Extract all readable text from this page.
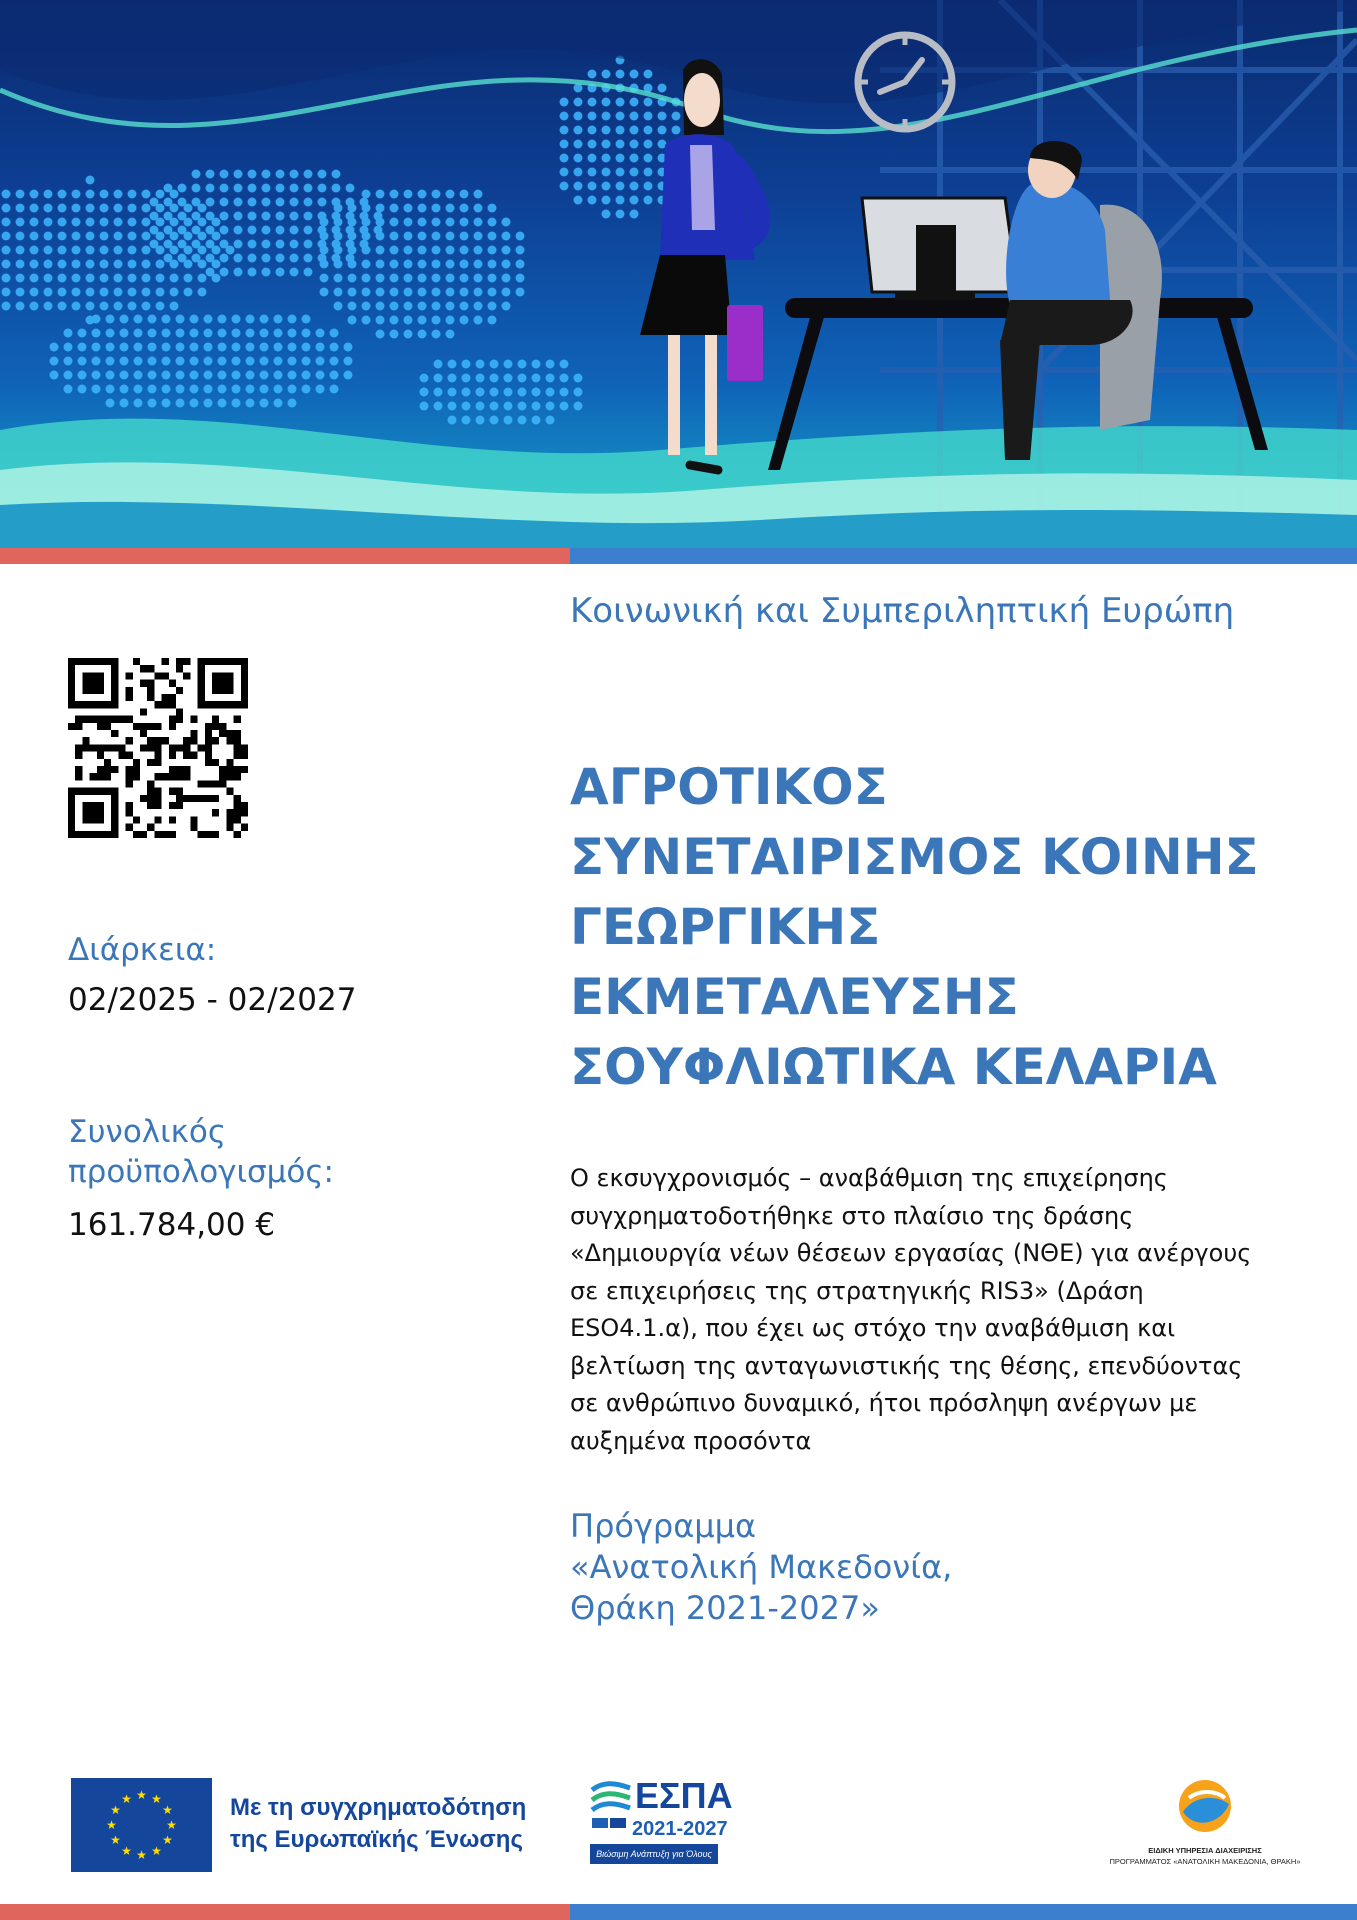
Διάρκεια:
02/2025 - 02/2027
Συνολικός προϋπολογισμός:
161.784,00 €
Κοινωνική και Συμπεριληπτική Ευρώπη
ΑΓΡΟΤΙΚΟΣ ΣΥΝΕΤΑΙΡΙΣΜΟΣ ΚΟΙΝΗΣ ΓΕΩΡΓΙΚΗΣ ΕΚΜΕΤΑΛΕΥΣΗΣ ΣΟΥΦΛΙΩΤΙΚΑ ΚΕΛΑΡΙΑ
Ο εκσυγχρονισμός – αναβάθμιση της επιχείρησης συγχρηματοδοτήθηκε στο πλαίσιο της δράσης «Δημιουργία νέων θέσεων εργασίας (ΝΘΕ) για ανέργους σε επιχειρήσεις της στρατηγικής RIS3» (Δράση ESO4.1.α), που έχει ως στόχο την αναβάθμιση και βελτίωση της ανταγωνιστικής της θέσης, επενδύοντας σε ανθρώπινο δυναμικό, ήτοι πρόσληψη ανέργων με αυξημένα προσόντα
Πρόγραμμα
«Ανατολική Μακεδονία,
Θράκη 2021-2027»
★
★
★
★
★
★
★
★
★ ★ ★
★ Με τη συγχρηματοδότηση
της Ευρωπαϊκής Ένωσης
ΕΣΠΑ
2021-2027
Βιώσιμη Ανάπτυξη για Όλους	ΕΙΔΙΚΗ ΥΠΗΡΕΣΙΑ ΔΙΑΧΕΙΡΙΣΗΣ
ΠΡΟΓΡΑΜΜΑΤΟΣ «ΑΝΑΤΟΛΙΚΗ ΜΑΚΕΔΟΝΙΑ, ΘΡΑΚΗ»
